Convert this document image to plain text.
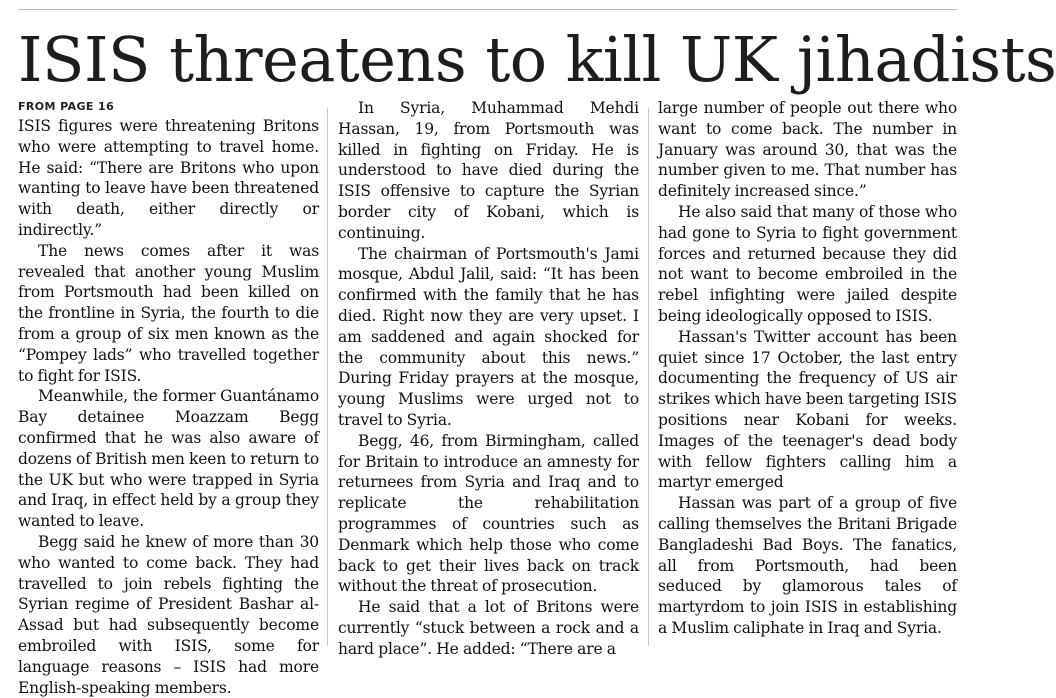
ISIS threatens to kill UK jihadists
FROM PAGE 16

ISIS figures were threatening Britons who were attempting to travel home. He said: “There are Britons who upon wanting to leave have been threatened with death, either directly or indirectly.”

The news comes after it was revealed that another young Muslim from Portsmouth had been killed on the frontline in Syria, the fourth to die from a group of six men known as the “Pompey lads” who travelled together to fight for ISIS.

Meanwhile, the former Guantánamo Bay detainee Moazzam Begg confirmed that he was also aware of dozens of British men keen to return to the UK but who were trapped in Syria and Iraq, in effect held by a group they wanted to leave.

Begg said he knew of more than 30 who wanted to come back. They had travelled to join rebels fighting the Syrian regime of President Bashar al-Assad but had subsequently become embroiled with ISIS, some for language reasons – ISIS had more English-speaking members.

In Syria, Muhammad Mehdi Hassan, 19, from Portsmouth was killed in fighting on Friday. He is understood to have died during the ISIS offensive to capture the Syrian border city of Kobani, which is continuing.

The chairman of Portsmouth's Jami mosque, Abdul Jalil, said: “It has been confirmed with the family that he has died. Right now they are very upset. I am saddened and again shocked for the community about this news.” During Friday prayers at the mosque, young Muslims were urged not to travel to Syria.

Begg, 46, from Birmingham, called for Britain to introduce an amnesty for returnees from Syria and Iraq and to replicate the rehabilitation programmes of countries such as Denmark which help those who come back to get their lives back on track without the threat of prosecution.

He said that a lot of Britons were currently “stuck between a rock and a hard place”. He added: “There are a

large number of people out there who want to come back. The number in January was around 30, that was the number given to me. That number has definitely increased since.”

He also said that many of those who had gone to Syria to fight government forces and returned because they did not want to become embroiled in the rebel infighting were jailed despite being ideologically opposed to ISIS.

Hassan's Twitter account has been quiet since 17 October, the last entry documenting the frequency of US air strikes which have been targeting ISIS positions near Kobani for weeks. Images of the teenager's dead body with fellow fighters calling him a martyr emerged

Hassan was part of a group of five calling themselves the Britani Brigade Bangladeshi Bad Boys. The fanatics, all from Portsmouth, had been seduced by glamorous tales of martyrdom to join ISIS in establishing a Muslim caliphate in Iraq and Syria.
